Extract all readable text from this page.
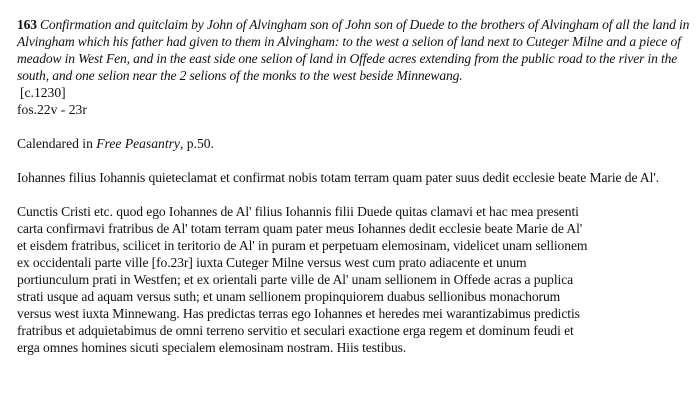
163 Confirmation and quitclaim by John of Alvingham son of John son of Duede to the brothers of Alvingham of all the land in Alvingham which his father had given to them in Alvingham: to the west a selion of land next to Cuteger Milne and a piece of meadow in West Fen, and in the east side one selion of land in Offede acres extending from the public road to the river in the south, and one selion near the 2 selions of the monks to the west beside Minnewang.

[c.1230]

fos.22v - 23r

Calendared in Free Peasantry, p.50.

Iohannes filius Iohannis quieteclamat et confirmat nobis totam terram quam pater suus dedit ecclesie beate Marie de Al'.

Cunctis Cristi etc. quod ego Iohannes de Al' filius Iohannis filii Duede quitas clamavi et hac mea presenti
carta confirmavi fratribus de Al' totam terram quam pater meus Iohannes dedit ecclesie beate Marie de Al'
et eisdem fratribus, scilicet in teritorio de Al' in puram et perpetuam elemosinam, videlicet unam sellionem
ex occidentali parte ville [fo.23r] iuxta Cuteger Milne versus west cum prato adiacente et unum
portiunculum prati in Westfen; et ex orientali parte ville de Al' unam sellionem in Offede acras a puplica
strati usque ad aquam versus suth; et unam sellionem propinquiorem duabus sellionibus monachorum
versus west iuxta Minnewang. Has predictas terras ego Iohannes et heredes mei warantizabimus predictis
fratribus et adquietabimus de omni terreno servitio et seculari exactione erga regem et dominum feudi et
erga omnes homines sicuti specialem elemosinam nostram. Hiis testibus.
